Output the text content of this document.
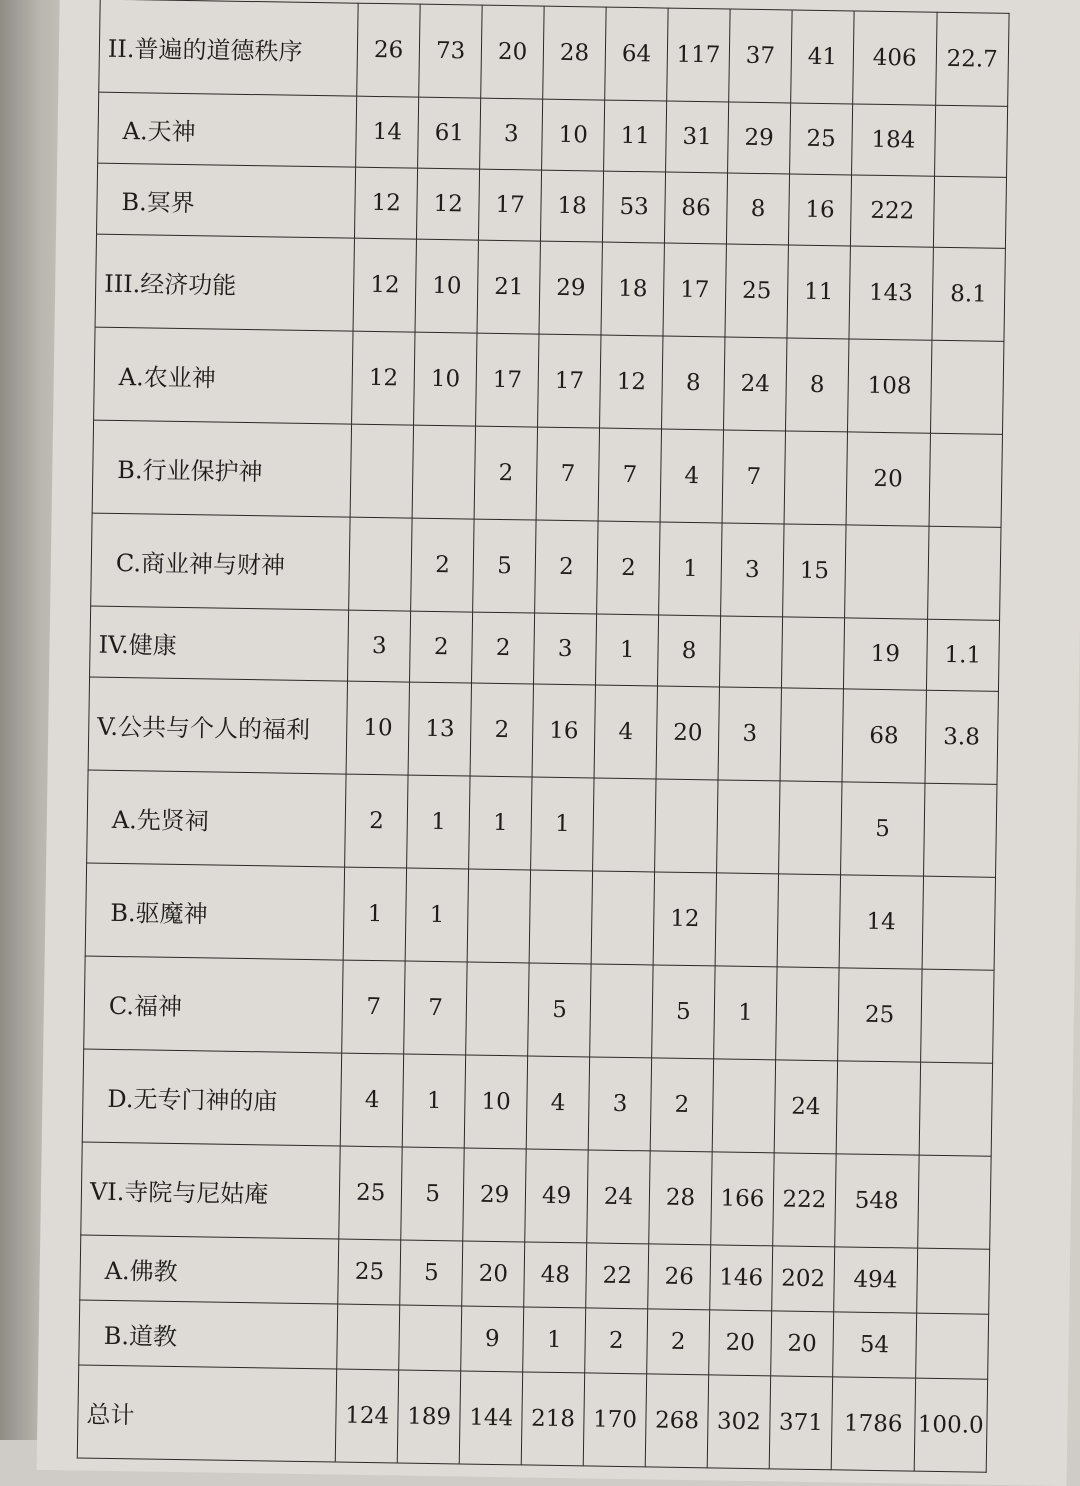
II.普遍的道德秩序	26	73	20	28	64	117	37	41	406	22.7
A.天神	14	61	3	10	11	31	29	25	184	
B.冥界	12	12	17	18	53	86	8	16	222	
III.经济功能	12	10	21	29	18	17	25	11	143	8.1
A.农业神	12	10	17	17	12	8	24	8	108	
B.行业保护神			2	7	7	4	7		20	
C.商业神与财神		2	5	2	2	1	3	15		
IV.健康	3	2	2	3	1	8			19	1.1
V.公共与个人的福利	10	13	2	16	4	20	3		68	3.8
A.先贤祠	2	1	1	1					5	
B.驱魔神	1	1				12			14	
C.福神	7	7		5		5	1		25	
D.无专门神的庙	4	1	10	4	3	2		24		
VI.寺院与尼姑庵	25	5	29	49	24	28	166	222	548	
A.佛教	25	5	20	48	22	26	146	202	494	
B.道教			9	1	2	2	20	20	54	
总计	124	189	144	218	170	268	302	371	1786	100.0
